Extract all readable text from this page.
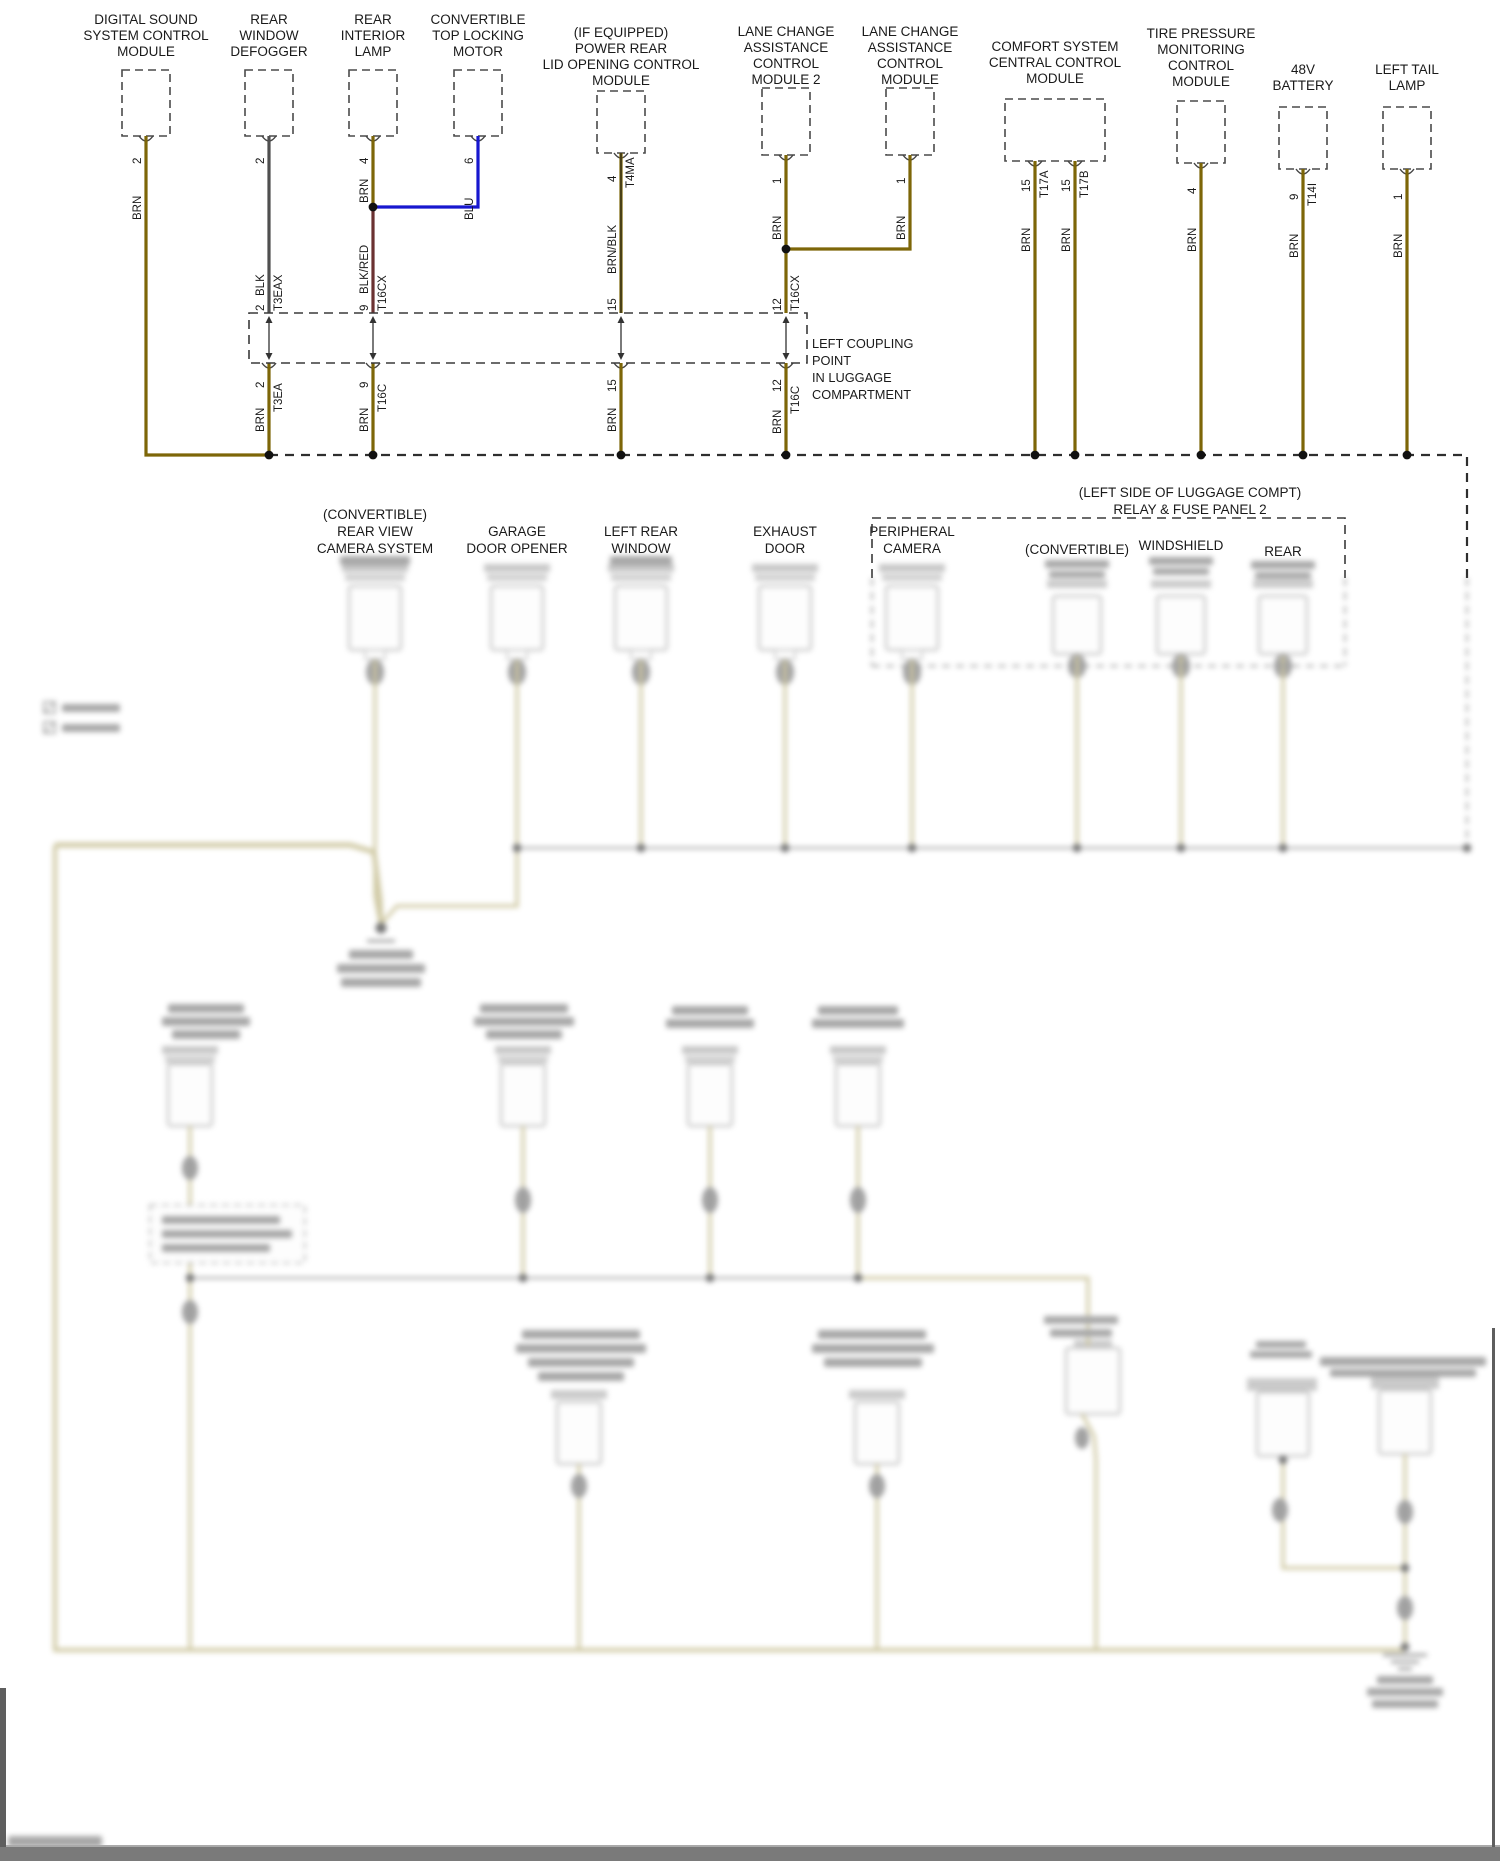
DIGITAL SOUND
SYSTEM CONTROL
MODULE
2
BRN
REAR
WINDOW
DEFOGGER
2
BLK
2 T3EAX
2 T3EA
BRN
REAR
INTERIOR
LAMP
4
BRN
BLK/RED
9 T16CX
9 T16C
BRN
CONVERTIBLE
TOP LOCKING
MOTOR
6
BLU
(IF EQUIPPED)
POWER REAR
LID OPENING CONTROL
MODULE
4 T4MA
BRN/BLK
15
15
BRN
LANE CHANGE
ASSISTANCE
CONTROL
MODULE 2
1
BRN
12 T16CX
12
T16C
BRN
LANE CHANGE
ASSISTANCE
CONTROL
MODULE
1
BRN
COMFORT SYSTEM
CENTRAL CONTROL
MODULE
15 T17A
BRN
15 T17B
BRN
TIRE PRESSURE
MONITORING
CONTROL
MODULE
4
BRN
48V
BATTERY
9 T14I
BRN
LEFT TAIL
LAMP
1
BRN
LEFT COUPLING
POINT
IN LUGGAGE
COMPARTMENT
(CONVERTIBLE)
REAR VIEW
CAMERA SYSTEM
GARAGE
DOOR OPENER
LEFT REAR
WINDOW
EXHAUST
DOOR
PERIPHERAL
CAMERA
(LEFT SIDE OF LUGGAGE COMPT)
RELAY & FUSE PANEL 2
(CONVERTIBLE) WINDSHIELD	REAR
